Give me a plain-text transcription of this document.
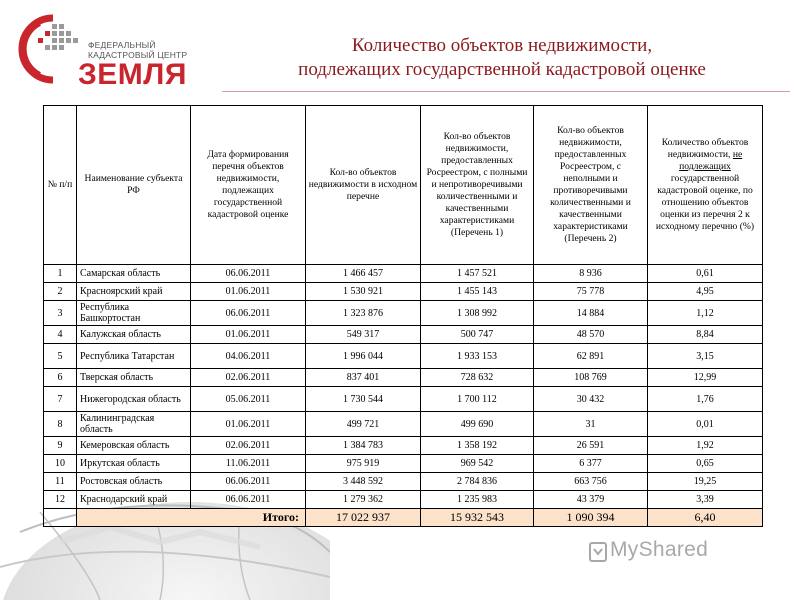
ФЕДЕРАЛЬНЫЙ
КАДАСТРОВЫЙ ЦЕНТР
ЗЕМЛЯ
Количество объектов недвижимости,
подлежащих государственной кадастровой оценке
№ п/п	Наименование субъекта РФ	Дата формирования перечня объектов недвижимости, подлежащих государственной кадастровой оценке	Кол-во объектов недвижимости в исходном перечне	Кол-во объектов недвижимости, предоставленных Росреестром, с полными и непротиворечивыми количественными и качественными характеристиками (Перечень 1)	Кол-во объектов недвижимости, предоставленных Росреестром, с неполными и противоречивыми количественными и качественными характеристиками (Перечень 2)	Количество объектов недвижимости, не подлежащих государственной кадастровой оценке, по отношению объектов оценки из перечня 2 к исходному перечню (%)
1	Самарская область	06.06.2011	1 466 457	1 457 521	8 936	0,61
2	Красноярский край	01.06.2011	1 530 921	1 455 143	75 778	4,95
3	Республика Башкортостан	06.06.2011	1 323 876	1 308 992	14 884	1,12
4	Калужская область	01.06.2011	549 317	500 747	48 570	8,84
5	Республика Татарстан	04.06.2011	1 996 044	1 933 153	62 891	3,15
6	Тверская область	02.06.2011	837 401	728 632	108 769	12,99
7	Нижегородская область	05.06.2011	1 730 544	1 700 112	30 432	1,76
8	Калининградская область	01.06.2011	499 721	499 690	31	0,01
9	Кемеровская область	02.06.2011	1 384 783	1 358 192	26 591	1,92
10	Иркутская область	11.06.2011	975 919	969 542	6 377	0,65
11	Ростовская область	06.06.2011	3 448 592	2 784 836	663 756	19,25
12	Краснодарский край	06.06.2011	1 279 362	1 235 983	43 379	3,39
	Итого:		17 022 937	15 932 543	1 090 394	6,40
MyShared
